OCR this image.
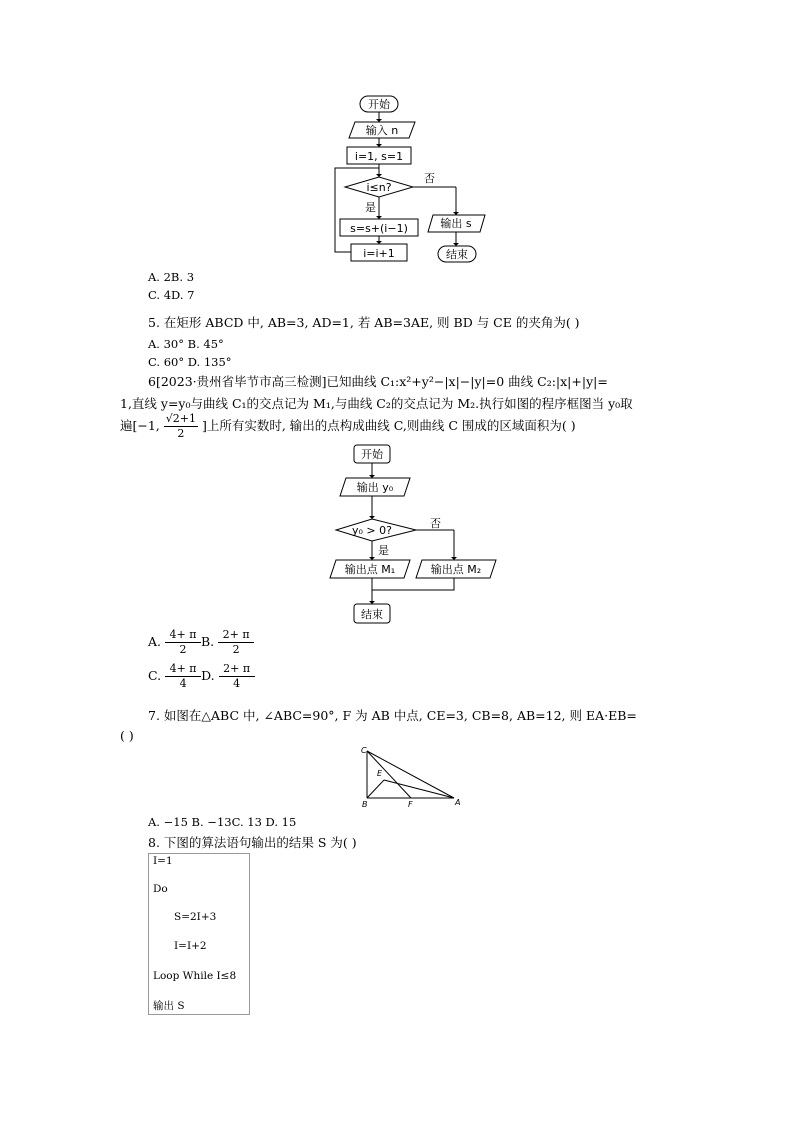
开始
输入 n
i=1, s=1
i≤n?
否
是
s=s+(i−1)
i=i+1
输出 s
结束
A. 2B. 3
C. 4D. 7
5. 在矩形 ABCD 中, AB=3, AD=1, 若 AB=3AE, 则 BD 与 CE 的夹角为( )
A. 30° B. 45°
C. 60° D. 135°
6[2023·贵州省毕节市高三检测]已知曲线 C₁:x²+y²−|x|−|y|=0 曲线 C₂:|x|+|y|=
1,直线 y=y₀与曲线 C₁的交点记为 M₁,与曲线 C₂的交点记为 M₂.执行如图的程序框图当 y₀取
遍[−1, $\frac{√2+1}{2}$ ]上所有实数时, 输出的点构成曲线 C,则曲线 C 围成的区域面积为( )
开始
输出 y₀
y₀ > 0?
否
是
输出点 M₁	输出点 M₂
结束
A. $\frac{4+ \pi}{2} B$. $\frac{2+ \pi}{2}$
C. $\frac{4+ \pi}{4} D$. $\frac{2+ \pi}{4}$
7. 如图在△ABC 中, ∠ABC=90°, F 为 AB 中点, CE=3, CB=8, AB=12, 则 EA·EB=
( )
C
E
B	F	A
A. −15 B. −13C. 13 D. 15
8. 下图的算法语句输出的结果 S 为( )
I=1
Do
S=2I+3
I=I+2
Loop While I≤8
输出 S
